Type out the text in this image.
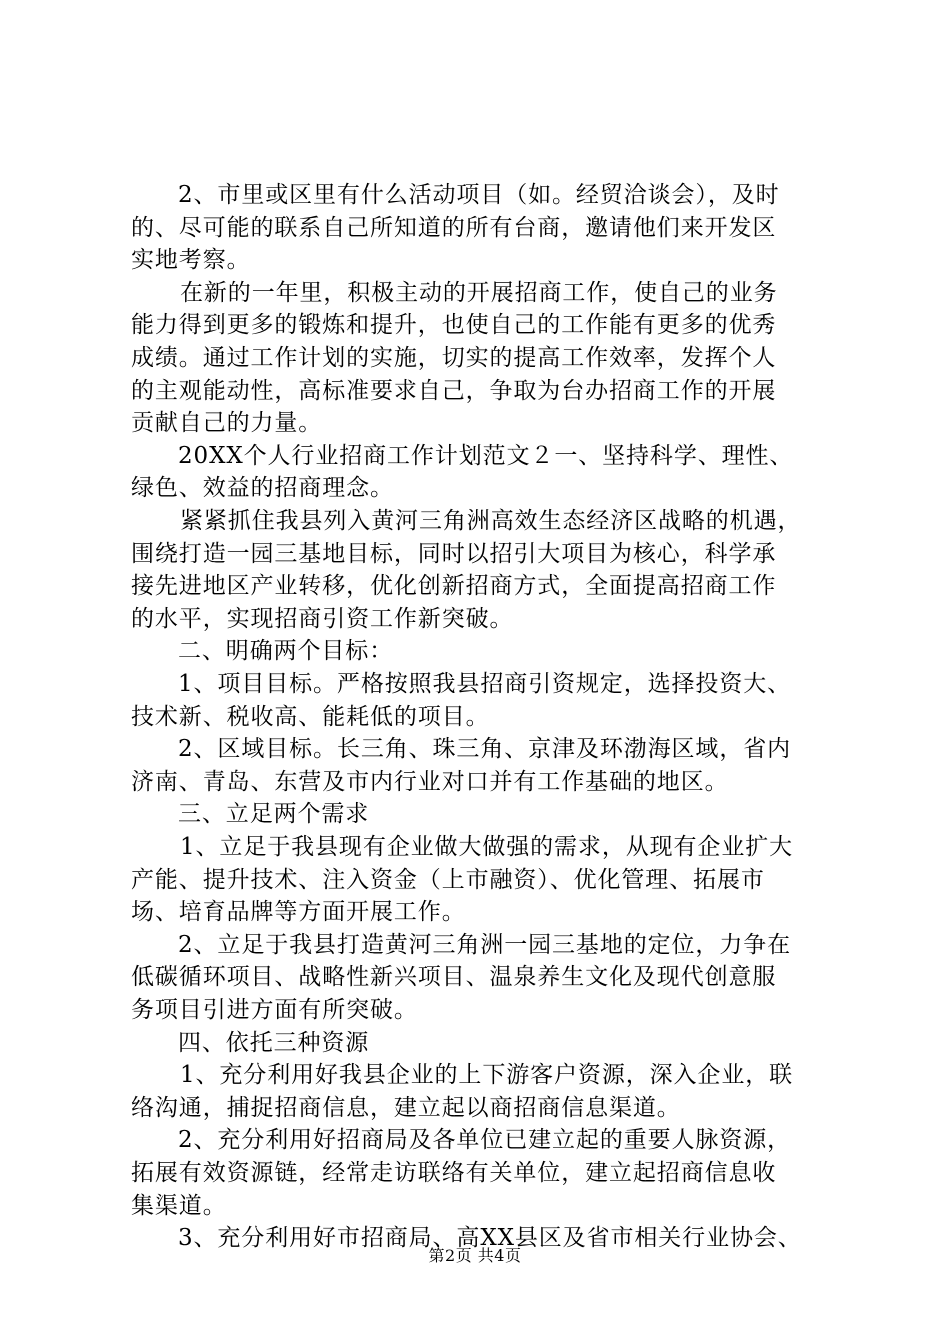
2、市里或区里有什么活动项目（如。经贸洽谈会），及时
的、尽可能的联系自己所知道的所有台商，邀请他们来开发区
实地考察。
在新的一年里，积极主动的开展招商工作，使自己的业务
能力得到更多的锻炼和提升，也使自己的工作能有更多的优秀
成绩。通过工作计划的实施，切实的提高工作效率，发挥个人
的主观能动性，高标准要求自己，争取为台办招商工作的开展
贡献自己的力量。
20XX个人行业招商工作计划范文２一、坚持科学、理性、
绿色、效益的招商理念。
紧紧抓住我县列入黄河三角洲高效生态经济区战略的机遇，
围绕打造一园三基地目标，同时以招引大项目为核心，科学承
接先进地区产业转移，优化创新招商方式，全面提高招商工作
的水平，实现招商引资工作新突破。
二、明确两个目标：
1、项目目标。严格按照我县招商引资规定，选择投资大、
技术新、税收高、能耗低的项目。
2、区域目标。长三角、珠三角、京津及环渤海区域，省内
济南、青岛、东营及市内行业对口并有工作基础的地区。
三、立足两个需求
1、立足于我县现有企业做大做强的需求，从现有企业扩大
产能、提升技术、注入资金（上市融资）、优化管理、拓展市
场、培育品牌等方面开展工作。
2、立足于我县打造黄河三角洲一园三基地的定位，力争在
低碳循环项目、战略性新兴项目、温泉养生文化及现代创意服
务项目引进方面有所突破。
四、依托三种资源
1、充分利用好我县企业的上下游客户资源，深入企业，联
络沟通，捕捉招商信息，建立起以商招商信息渠道。
2、充分利用好招商局及各单位已建立起的重要人脉资源，
拓展有效资源链，经常走访联络有关单位，建立起招商信息收
集渠道。
3、充分利用好市招商局、高XX县区及省市相关行业协会、
第2页 共4页
